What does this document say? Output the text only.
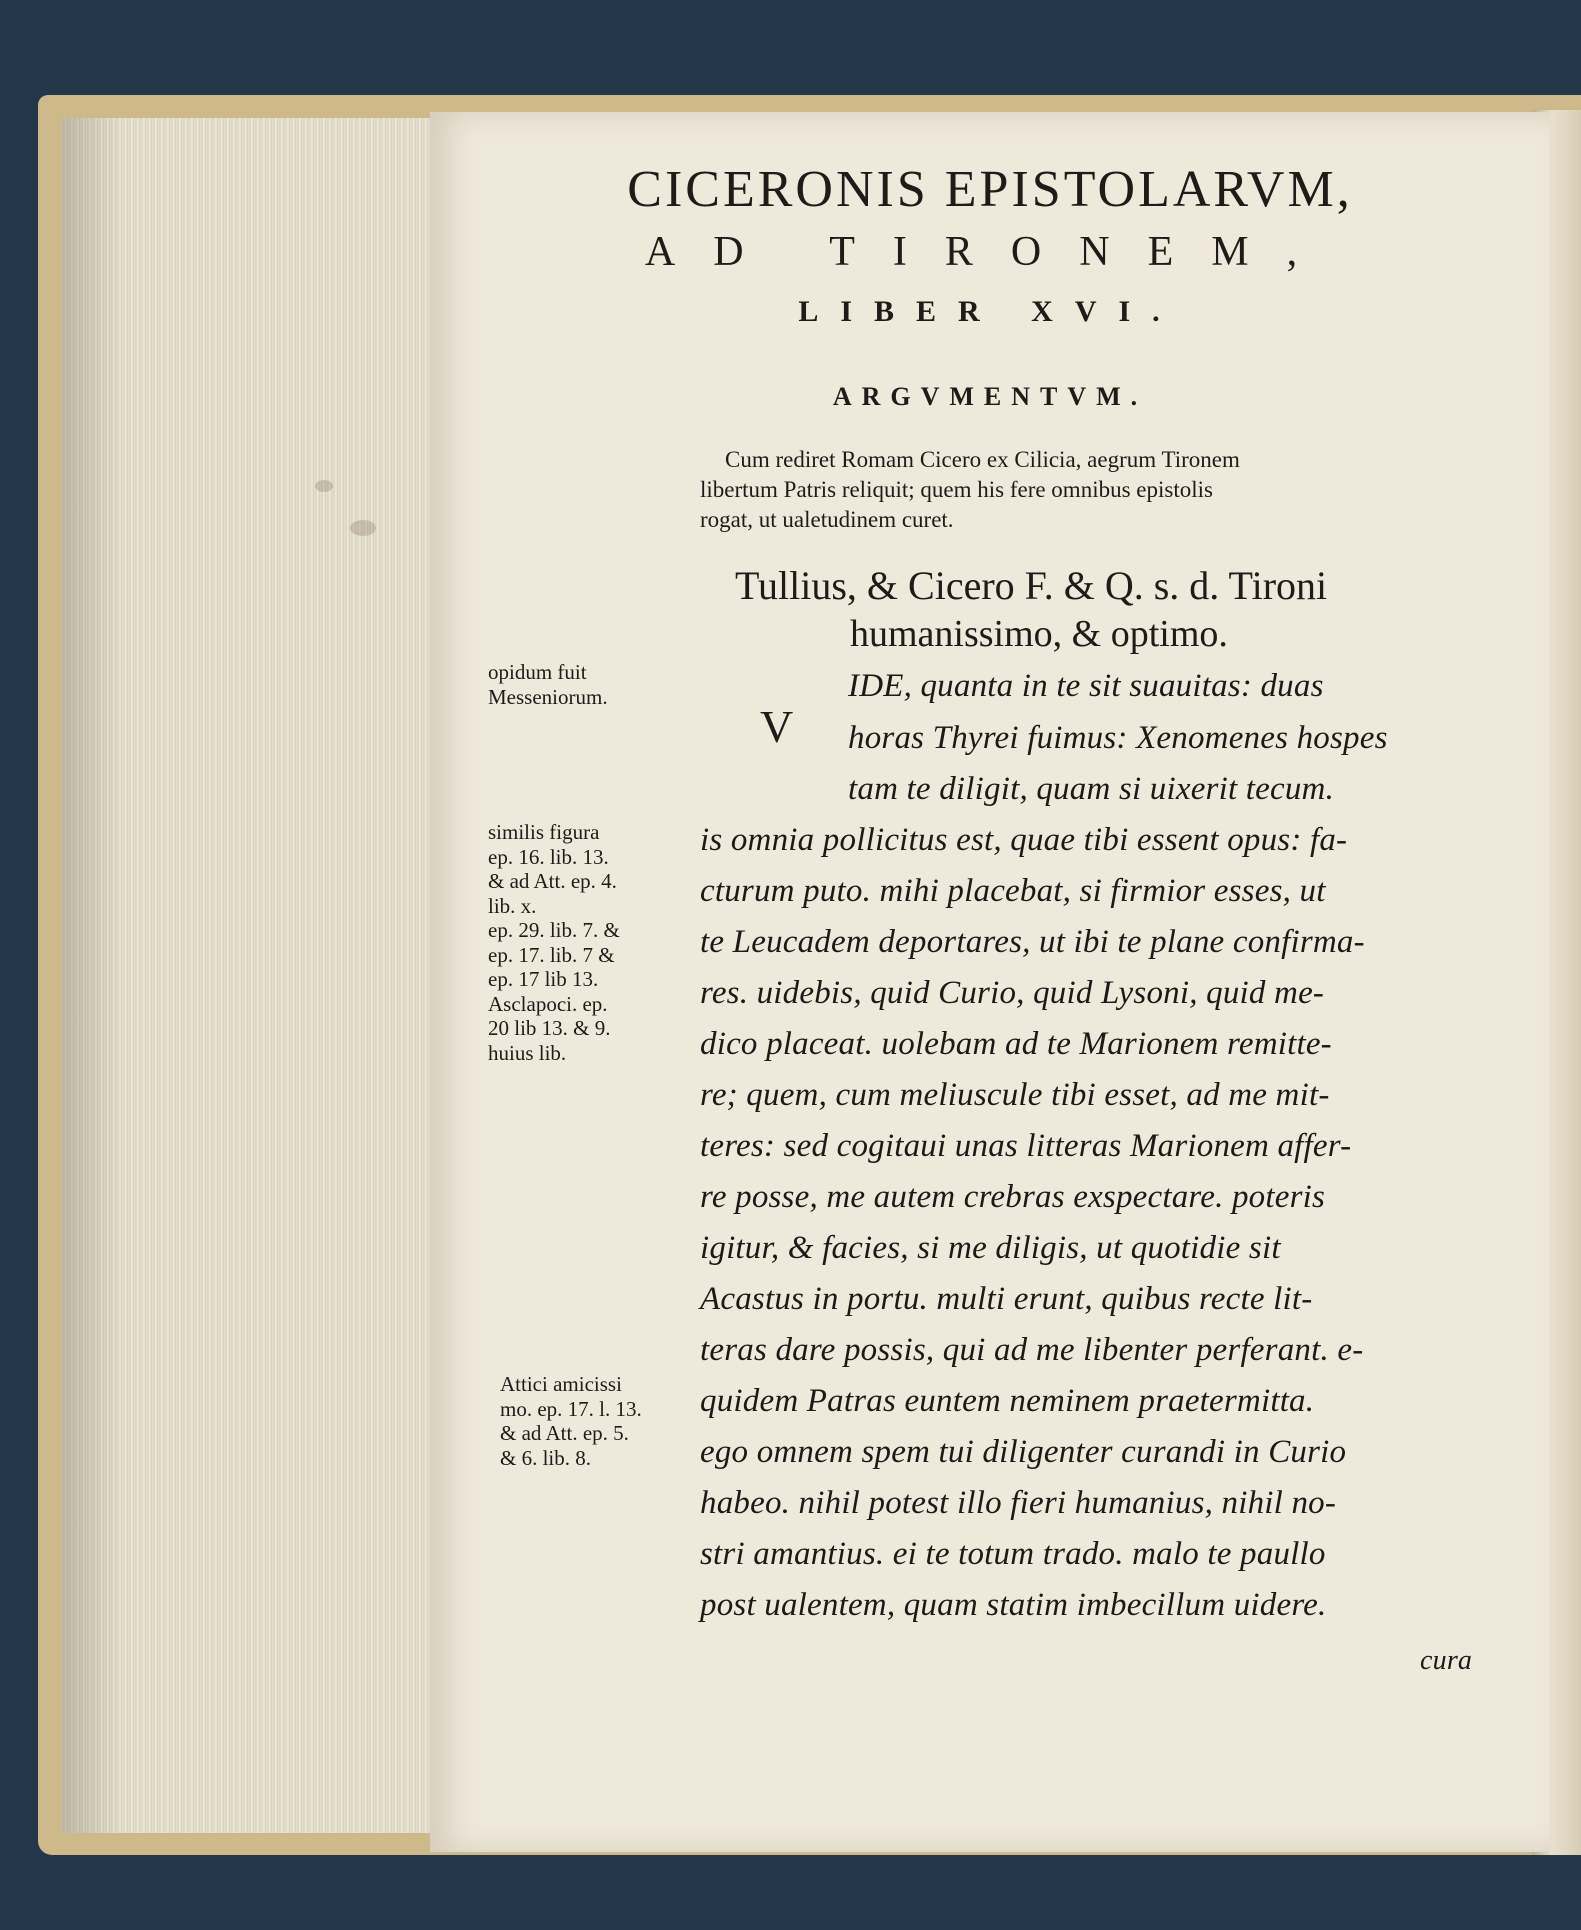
CICERONIS EPISTOLARVM,
AD TIRONEM,
LIBER XVI.
ARGVMENTVM.
Cum rediret Romam Cicero ex Cilicia, aegrum Tironem
libertum Patris reliquit; quem his fere omnibus epistolis
rogat, ut ualetudinem curet.
Tullius, & Cicero F. & Q. s. d. Tironi
humanissimo, & optimo.
V
IDE, quanta in te sit suauitas: duas
horas Thyrei fuimus: Xenomenes hospes
tam te diligit, quam si uixerit tecum.
is omnia pollicitus est, quae tibi essent opus: fa-
cturum puto. mihi placebat, si firmior esses, ut
te Leucadem deportares, ut ibi te plane confirma-
res. uidebis, quid Curio, quid Lysoni, quid me-
dico placeat. uolebam ad te Marionem remitte-
re; quem, cum meliuscule tibi esset, ad me mit-
teres: sed cogitaui unas litteras Marionem affer-
re posse, me autem crebras exspectare. poteris
igitur, & facies, si me diligis, ut quotidie sit
Acastus in portu. multi erunt, quibus recte lit-
teras dare possis, qui ad me libenter perferant. e-
quidem Patras euntem neminem praetermitta.
ego omnem spem tui diligenter curandi in Curio
habeo. nihil potest illo fieri humanius, nihil no-
stri amantius. ei te totum trado. malo te paullo
post ualentem, quam statim imbecillum uidere.
cura
opidum fuit
Messeniorum.
similis figura
ep. 16. lib. 13.
& ad Att. ep. 4.
lib. x.
ep. 29. lib. 7. &
ep. 17. lib. 7 &
ep. 17 lib 13.
Asclapoci. ep.
20 lib 13. & 9.
huius lib.
Attici amicissi
mo. ep. 17. l. 13.
& ad Att. ep. 5.
& 6. lib. 8.
